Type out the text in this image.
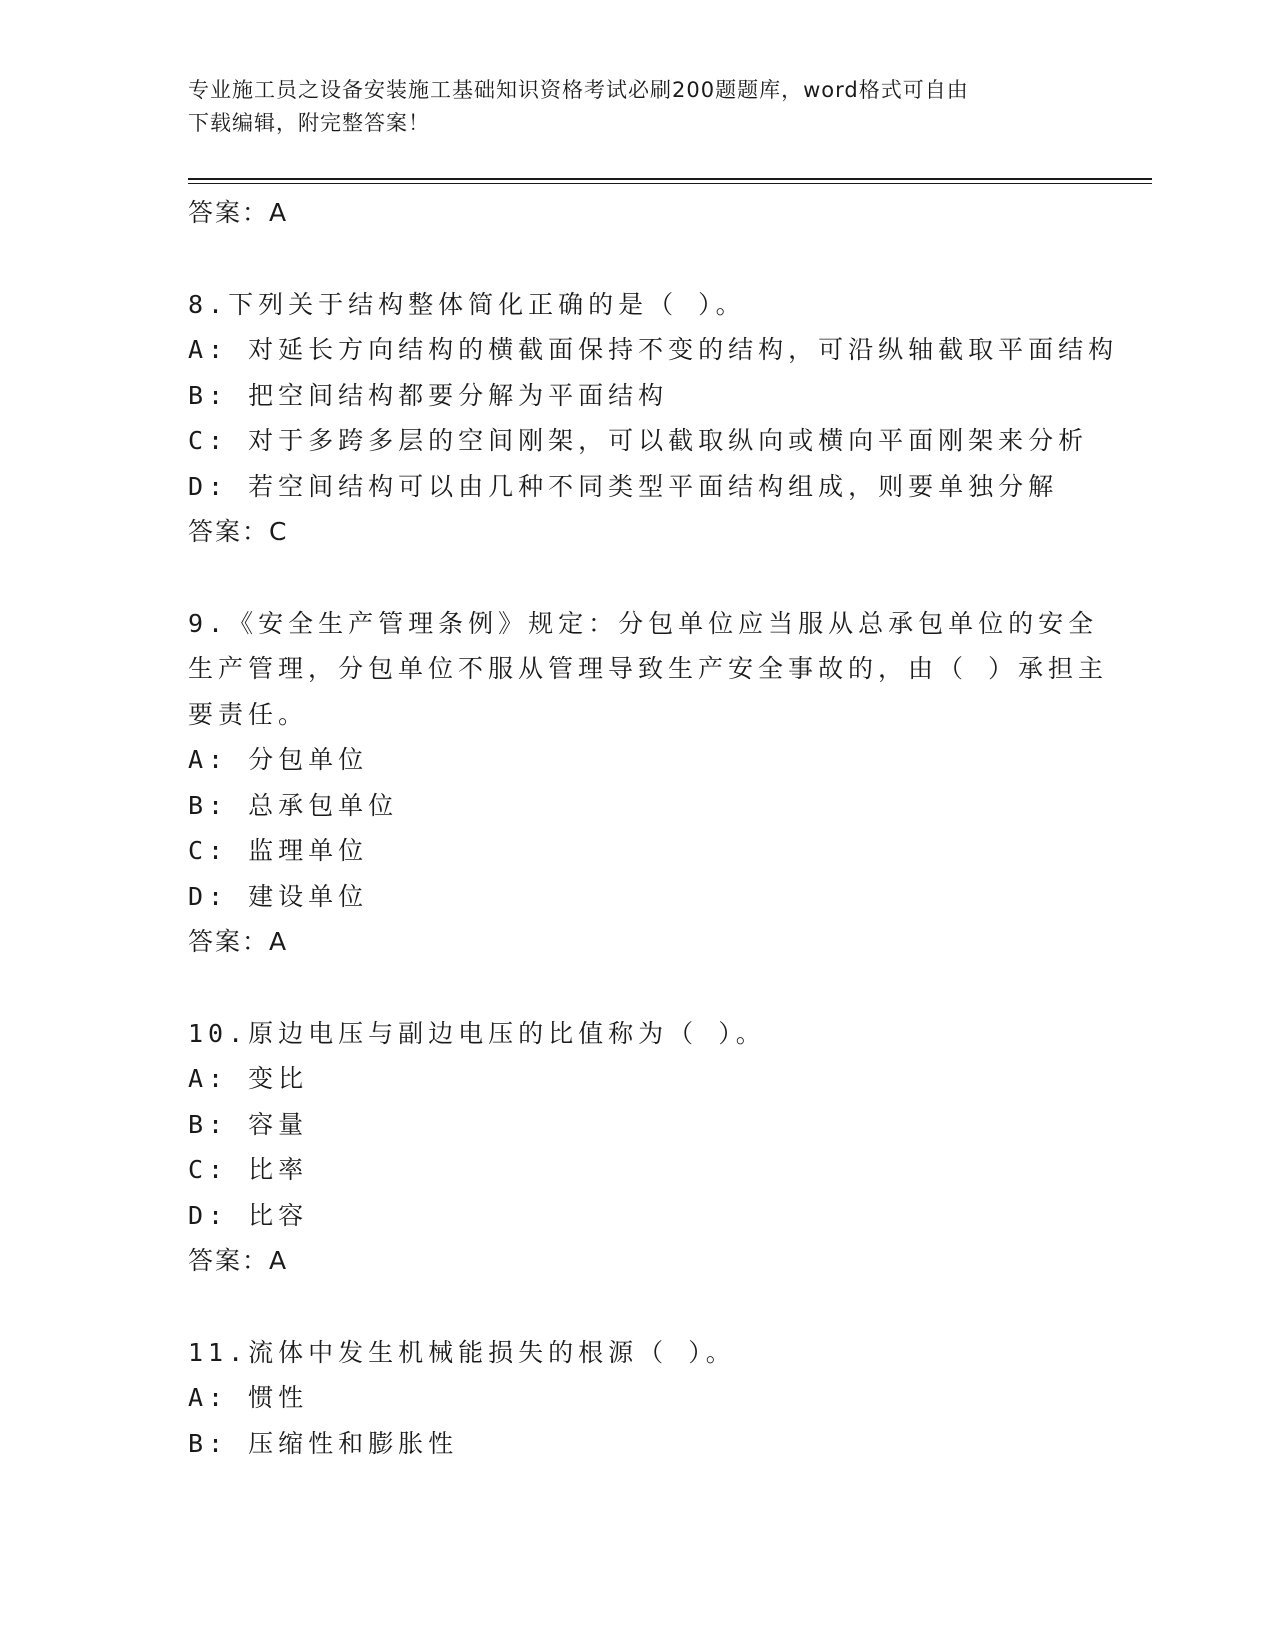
专业施工员之设备安装施工基础知识资格考试必刷200题题库，word格式可自由
下载编辑，附完整答案！
答案：A
8.下列关于结构整体简化正确的是（ ）。
A: 对延长方向结构的横截面保持不变的结构，可沿纵轴截取平面结构
B: 把空间结构都要分解为平面结构
C: 对于多跨多层的空间刚架，可以截取纵向或横向平面刚架来分析
D: 若空间结构可以由几种不同类型平面结构组成，则要单独分解
答案：C
9.《安全生产管理条例》规定：分包单位应当服从总承包单位的安全
生产管理，分包单位不服从管理导致生产安全事故的，由（ ）承担主
要责任。
A: 分包单位
B: 总承包单位
C: 监理单位
D: 建设单位
答案：A
10.原边电压与副边电压的比值称为（ ）。
A: 变比
B: 容量
C: 比率
D: 比容
答案：A
11.流体中发生机械能损失的根源（ ）。
A: 惯性
B: 压缩性和膨胀性
